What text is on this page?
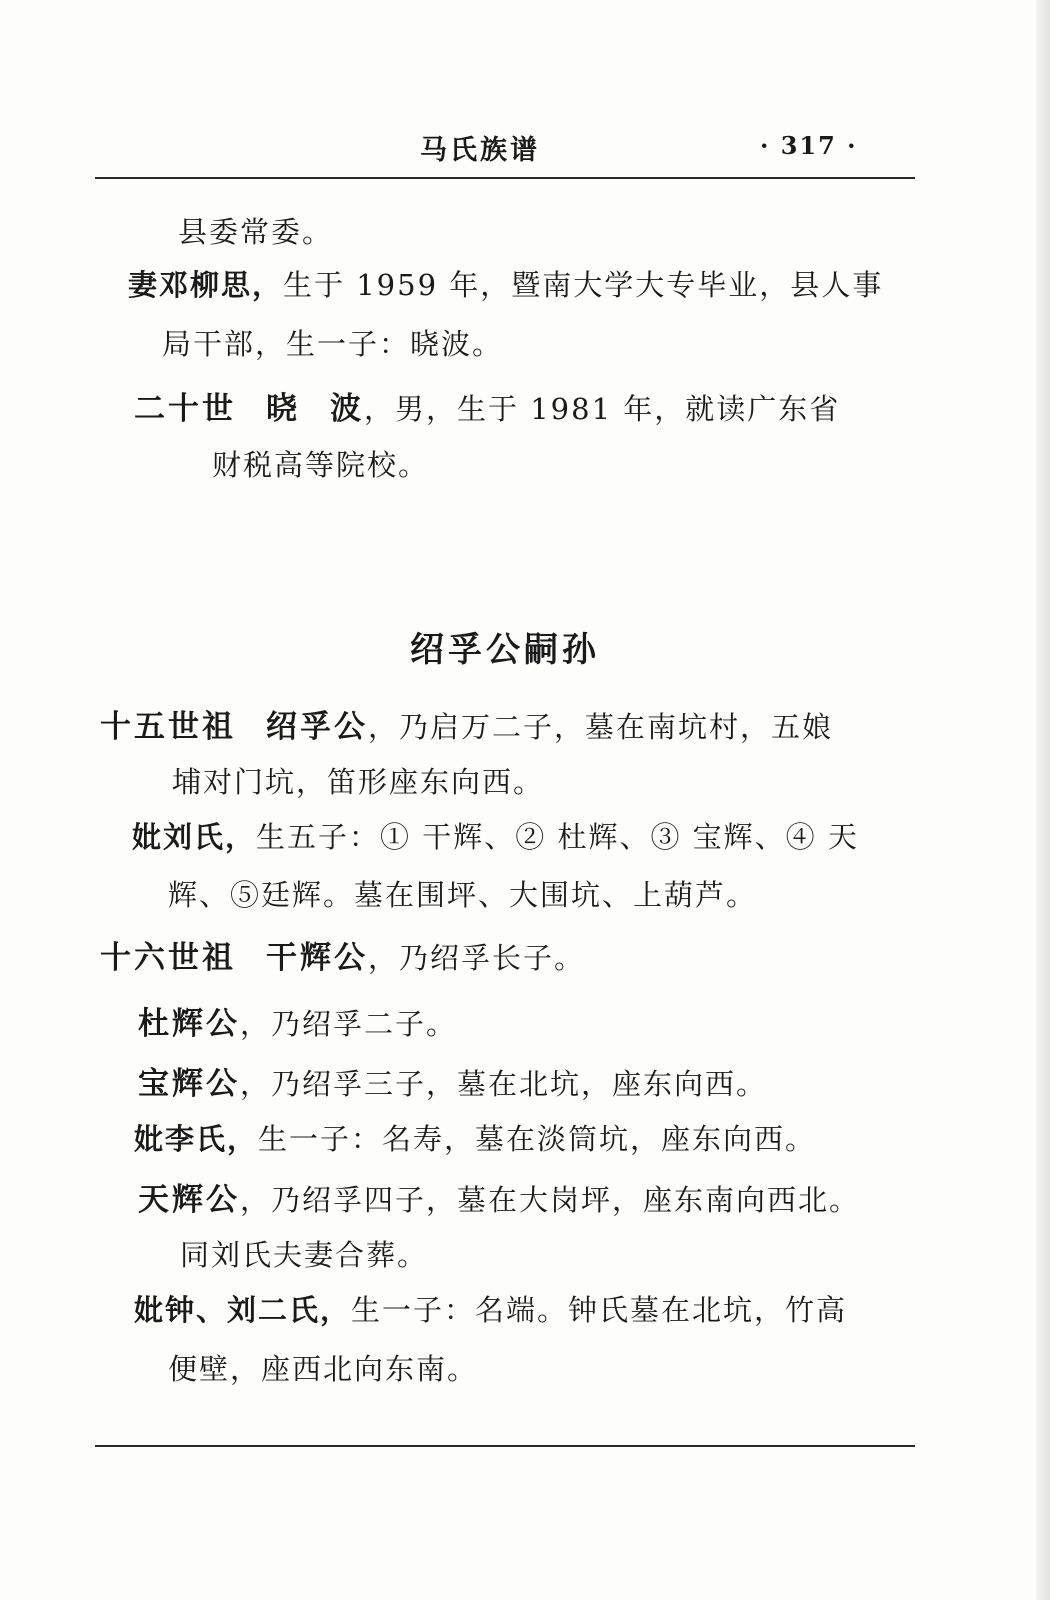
马氏族谱	· 317 ·
县委常委。
妻邓柳思，生于 1959 年，暨南大学大专毕业，县人事
局干部，生一子：晓波。
二十世 晓 波，男，生于 1981 年，就读广东省
财税高等院校。
绍孚公嗣孙
十五世祖 绍孚公，乃启万二子，墓在南坑村，五娘
埔对门坑，笛形座东向西。
妣刘氏，生五子：① 干辉、② 杜辉、③ 宝辉、④ 天
辉、⑤廷辉。墓在围坪、大围坑、上葫芦。
十六世祖 干辉公，乃绍孚长子。
杜辉公，乃绍孚二子。
宝辉公，乃绍孚三子，墓在北坑，座东向西。
妣李氏，生一子：名寿，墓在淡筒坑，座东向西。
天辉公，乃绍孚四子，墓在大岗坪，座东南向西北。
同刘氏夫妻合葬。
妣钟、刘二氏，生一子：名端。钟氏墓在北坑，竹高
便壁，座西北向东南。
